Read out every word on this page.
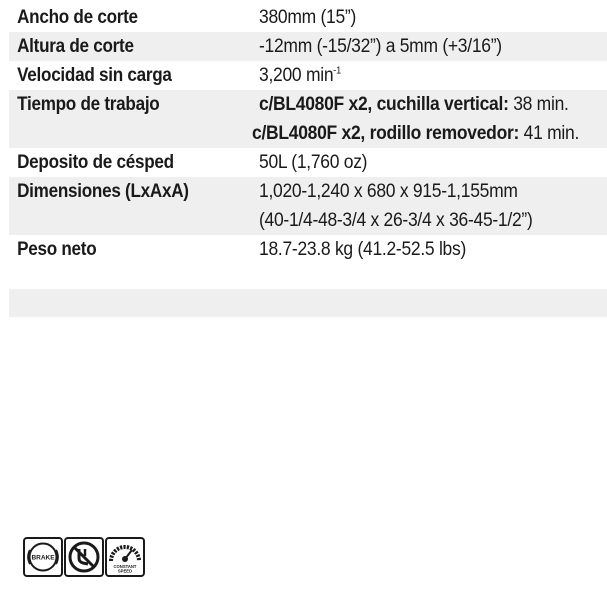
Ancho de corte	380mm (15”)
Altura de corte	-12mm (-15/32”) a 5mm (+3/16”)
Velocidad sin carga	3,200 $\min^{-1}$
Tiempo de trabajo	c/BL4080F x2, cuchilla vertical: 38 min.
c/BL4080F x2, rodillo removedor: 41 min.
Deposito de césped	50L (1,760 oz)
Dimensiones (LxAxA)	1,020-1,240 x 680 x 915-1,155mm
(40-1/4-48-3/4 x 26-3/4 x 36-45-1/2”)
Peso neto	18.7-23.8 kg (41.2-52.5 lbs)
BRAKE
CONSTANT
SPEED
